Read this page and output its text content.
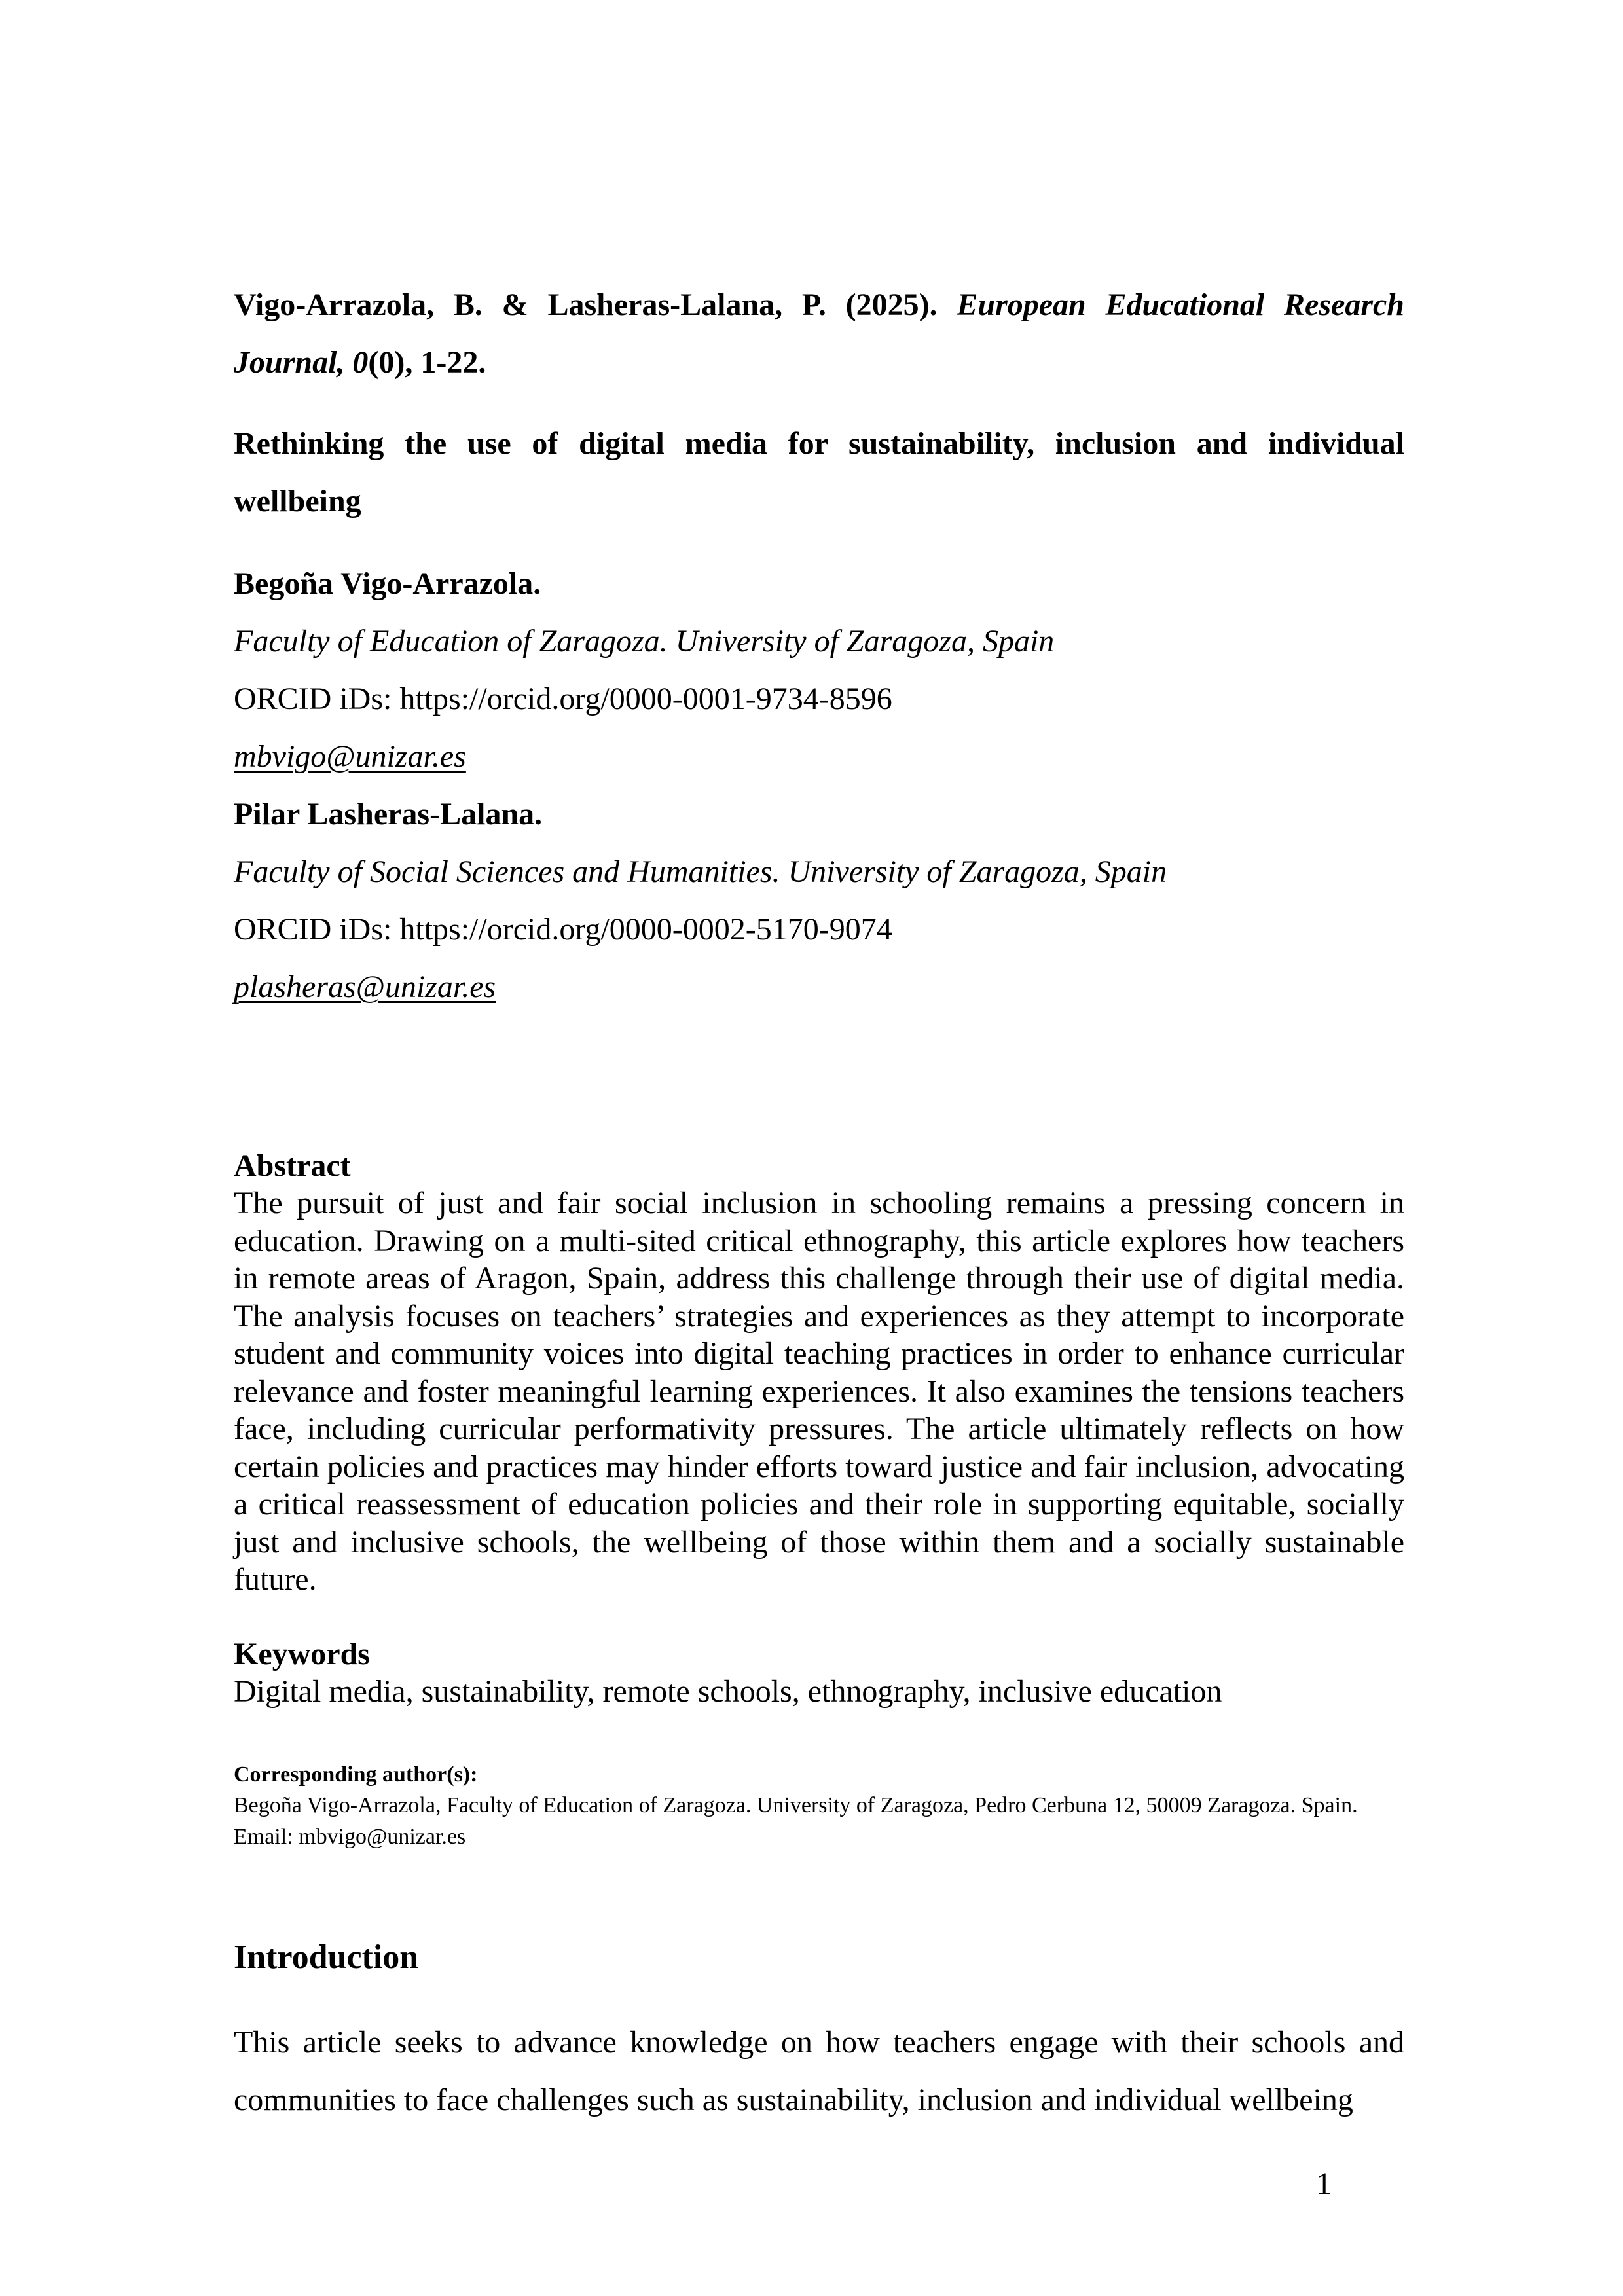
Vigo-Arrazola, B. & Lasheras-Lalana, P. (2025). European Educational Research Journal, 0(0), 1-22.
Rethinking the use of digital media for sustainability, inclusion and individual wellbeing
Begoña Vigo-Arrazola.
Faculty of Education of Zaragoza. University of Zaragoza, Spain
ORCID iDs: https://orcid.org/0000-0001-9734-8596
mbvigo@unizar.es
Pilar Lasheras-Lalana.
Faculty of Social Sciences and Humanities. University of Zaragoza, Spain
ORCID iDs: https://orcid.org/0000-0002-5170-9074
plasheras@unizar.es
Abstract
The pursuit of just and fair social inclusion in schooling remains a pressing concern in education. Drawing on a multi-sited critical ethnography, this article explores how teachers in remote areas of Aragon, Spain, address this challenge through their use of digital media. The analysis focuses on teachers’ strategies and experiences as they attempt to incorporate student and community voices into digital teaching practices in order to enhance curricular relevance and foster meaningful learning experiences. It also examines the tensions teachers face, including curricular performativity pressures. The article ultimately reflects on how certain policies and practices may hinder efforts toward justice and fair inclusion, advocating a critical reassessment of education policies and their role in supporting equitable, socially just and inclusive schools, the wellbeing of those within them and a socially sustainable future.
Keywords
Digital media, sustainability, remote schools, ethnography, inclusive education
Corresponding author(s):
Begoña Vigo-Arrazola, Faculty of Education of Zaragoza. University of Zaragoza, Pedro Cerbuna 12, 50009 Zaragoza. Spain. Email: mbvigo@unizar.es
Introduction
This article seeks to advance knowledge on how teachers engage with their schools and communities to face challenges such as sustainability, inclusion and individual wellbeing
1
